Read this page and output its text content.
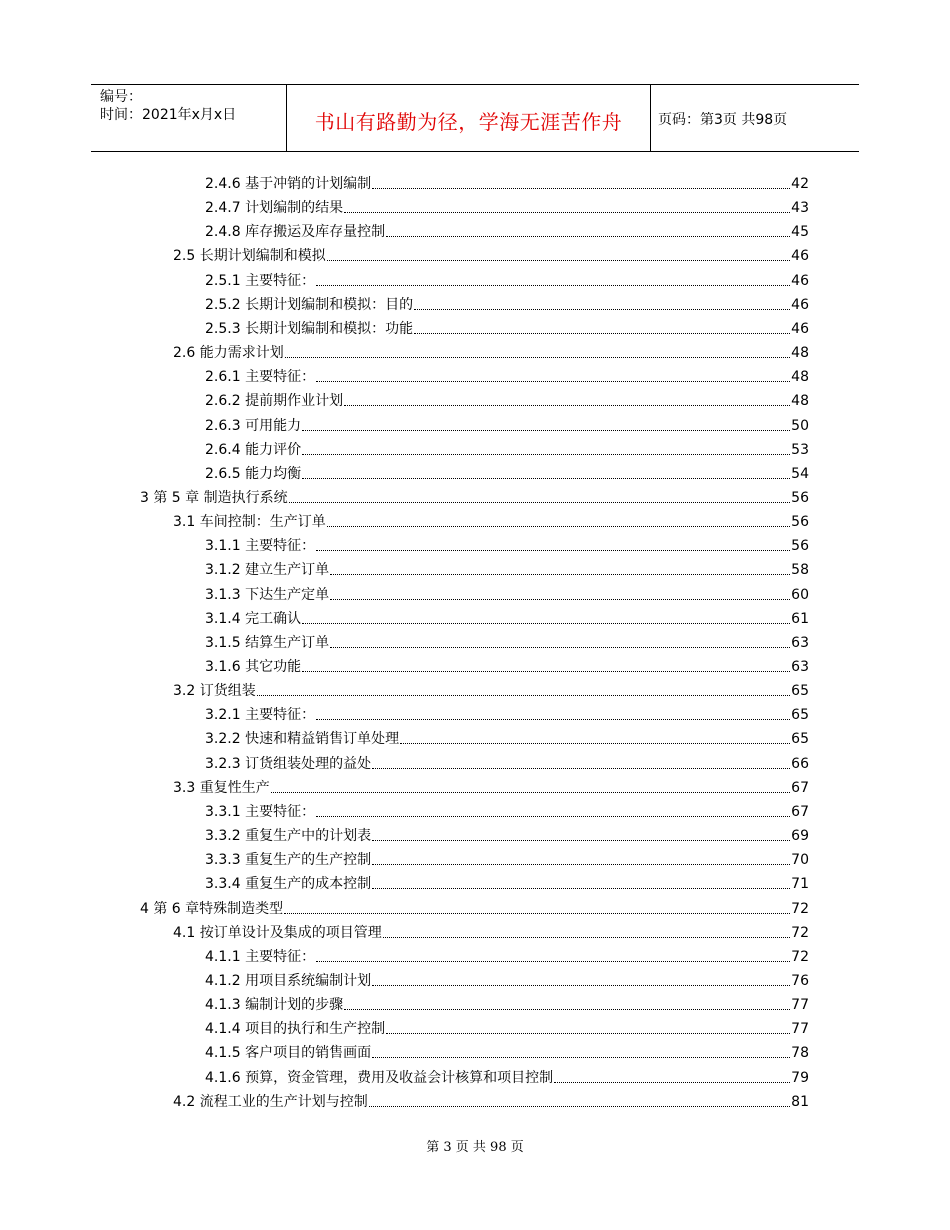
编号：
时间：2021年x月x日	书山有路勤为径，学海无涯苦作舟	页码：第3页 共98页
2.4.6 基于冲销的计划编制	42
2.4.7 计划编制的结果	43
2.4.8 库存搬运及库存量控制	45
2.5 长期计划编制和模拟	46
2.5.1 主要特征：	46
2.5.2 长期计划编制和模拟：目的	46
2.5.3 长期计划编制和模拟：功能	46
2.6 能力需求计划	48
2.6.1 主要特征：	48
2.6.2 提前期作业计划	48
2.6.3 可用能力	50
2.6.4 能力评价	53
2.6.5 能力均衡	54
3 第 5 章 制造执行系统	56
3.1 车间控制：生产订单	56
3.1.1 主要特征：	56
3.1.2 建立生产订单	58
3.1.3 下达生产定单	60
3.1.4 完工确认	61
3.1.5 结算生产订单	63
3.1.6 其它功能	63
3.2 订货组装	65
3.2.1 主要特征：	65
3.2.2 快速和精益销售订单处理	65
3.2.3 订货组装处理的益处	66
3.3 重复性生产	67
3.3.1 主要特征：	67
3.3.2 重复生产中的计划表	69
3.3.3 重复生产的生产控制	70
3.3.4 重复生产的成本控制	71
4 第 6 章特殊制造类型	72
4.1 按订单设计及集成的项目管理	72
4.1.1 主要特征：	72
4.1.2 用项目系统编制计划	76
4.1.3 编制计划的步骤	77
4.1.4 项目的执行和生产控制	77
4.1.5 客户项目的销售画面	78
4.1.6 预算，资金管理，费用及收益会计核算和项目控制	79
4.2 流程工业的生产计划与控制	81
第 3 页 共 98 页
